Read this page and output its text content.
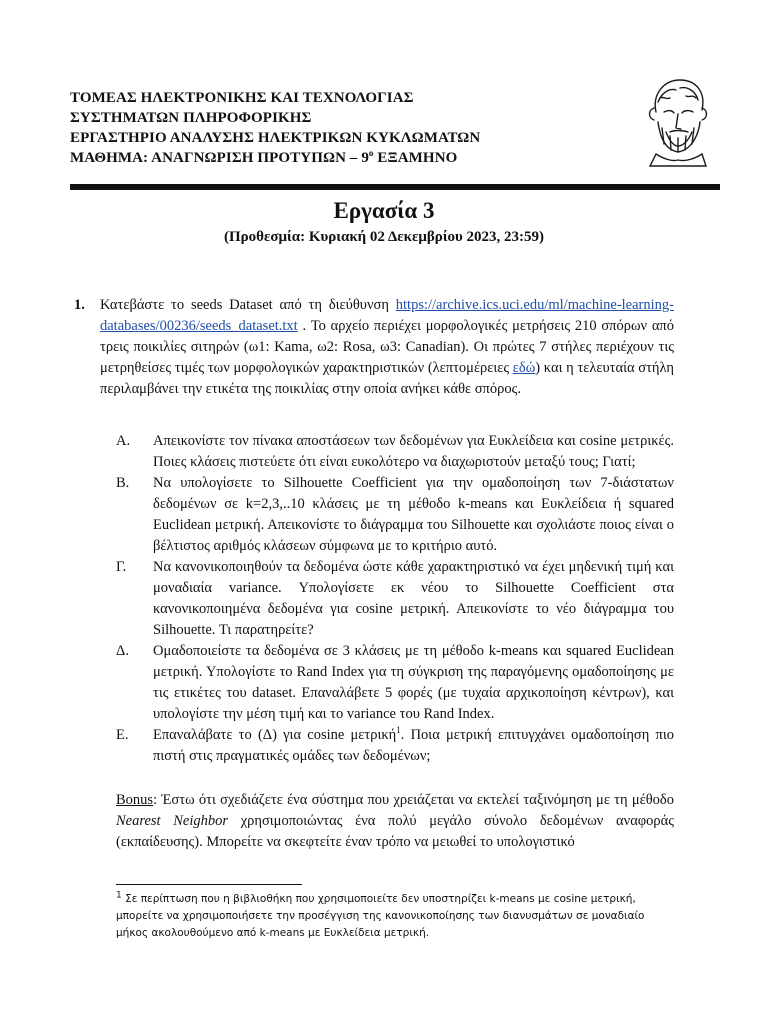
ΤΟΜΕΑΣ ΗΛΕΚΤΡΟΝΙΚΗΣ ΚΑΙ ΤΕΧΝΟΛΟΓΙΑΣ
ΣΥΣΤΗΜΑΤΩΝ ΠΛΗΡΟΦΟΡΙΚΗΣ
ΕΡΓΑΣΤΗΡΙΟ ΑΝΑΛΥΣΗΣ ΗΛΕΚΤΡΙΚΩΝ ΚΥΚΛΩΜΑΤΩΝ
ΜΑΘΗΜΑ: ΑΝΑΓΝΩΡΙΣΗ ΠΡΟΤΥΠΩΝ – $9^o$ ΕΞΑΜΗΝΟ
Εργασία 3
(Προθεσμία: Κυριακή 02 Δεκεμβρίου 2023, 23:59)
1. Κατεβάστε το seeds Dataset από τη διεύθυνση https://archive.ics.uci.edu/ml/machine-learning-databases/00236/seeds_dataset.txt . Το αρχείο περιέχει μορφολογικές μετρήσεις 210 σπόρων από τρεις ποικιλίες σιτηρών (ω1: Kama, ω2: Rosa, ω3: Canadian). Οι πρώτες 7 στήλες περιέχουν τις μετρηθείσες τιμές των μορφολογικών χαρακτηριστικών (λεπτομέρειες εδώ) και η τελευταία στήλη περιλαμβάνει την ετικέτα της ποικιλίας στην οποία ανήκει κάθε σπόρος.
Α. Απεικονίστε τον πίνακα αποστάσεων των δεδομένων για Ευκλείδεια και cosine μετρικές. Ποιες κλάσεις πιστεύετε ότι είναι ευκολότερο να διαχωριστούν μεταξύ τους; Γιατί;
Β. Να υπολογίσετε το Silhouette Coefficient για την ομαδοποίηση των 7-διάστατων δεδομένων σε k=2,3,..10 κλάσεις με τη μέθοδο k-means και Ευκλείδεια ή squared Euclidean μετρική. Απεικονίστε το διάγραμμα του Silhouette και σχολιάστε ποιος είναι ο βέλτιστος αριθμός κλάσεων σύμφωνα με το κριτήριο αυτό.
Γ. Να κανονικοποιηθούν τα δεδομένα ώστε κάθε χαρακτηριστικό να έχει μηδενική τιμή και μοναδιαία variance. Υπολογίσετε εκ νέου το Silhouette Coefficient στα κανονικοποιημένα δεδομένα για cosine μετρική. Απεικονίστε το νέο διάγραμμα του Silhouette. Τι παρατηρείτε?
Δ. Ομαδοποιείστε τα δεδομένα σε 3 κλάσεις με τη μέθοδο k-means και squared Euclidean μετρική. Υπολογίστε το Rand Index για τη σύγκριση της παραγόμενης ομαδοποίησης με τις ετικέτες του dataset. Επαναλάβετε 5 φορές (με τυχαία αρχικοποίηση κέντρων), και υπολογίστε την μέση τιμή και το variance του Rand Index.
Ε. Επαναλάβατε το (Δ) για cosine μετρική$^1$. Ποια μετρική επιτυγχάνει ομαδοποίηση πιο πιστή στις πραγματικές ομάδες των δεδομένων;
Bonus: Έστω ότι σχεδιάζετε ένα σύστημα που χρειάζεται να εκτελεί ταξινόμηση με τη μέθοδο Nearest Neighbor χρησιμοποιώντας ένα πολύ μεγάλο σύνολο δεδομένων αναφοράς (εκπαίδευσης). Μπορείτε να σκεφτείτε έναν τρόπο να μειωθεί το υπολογιστικό
$^1$ Σε περίπτωση που η βιβλιοθήκη που χρησιμοποιείτε δεν υποστηρίζει k-means με cosine μετρική, μπορείτε να χρησιμοποιήσετε την προσέγγιση της κανονικοποίησης των διανυσμάτων σε μοναδιαίο μήκος ακολουθούμενο από k-means με Ευκλείδεια μετρική.
